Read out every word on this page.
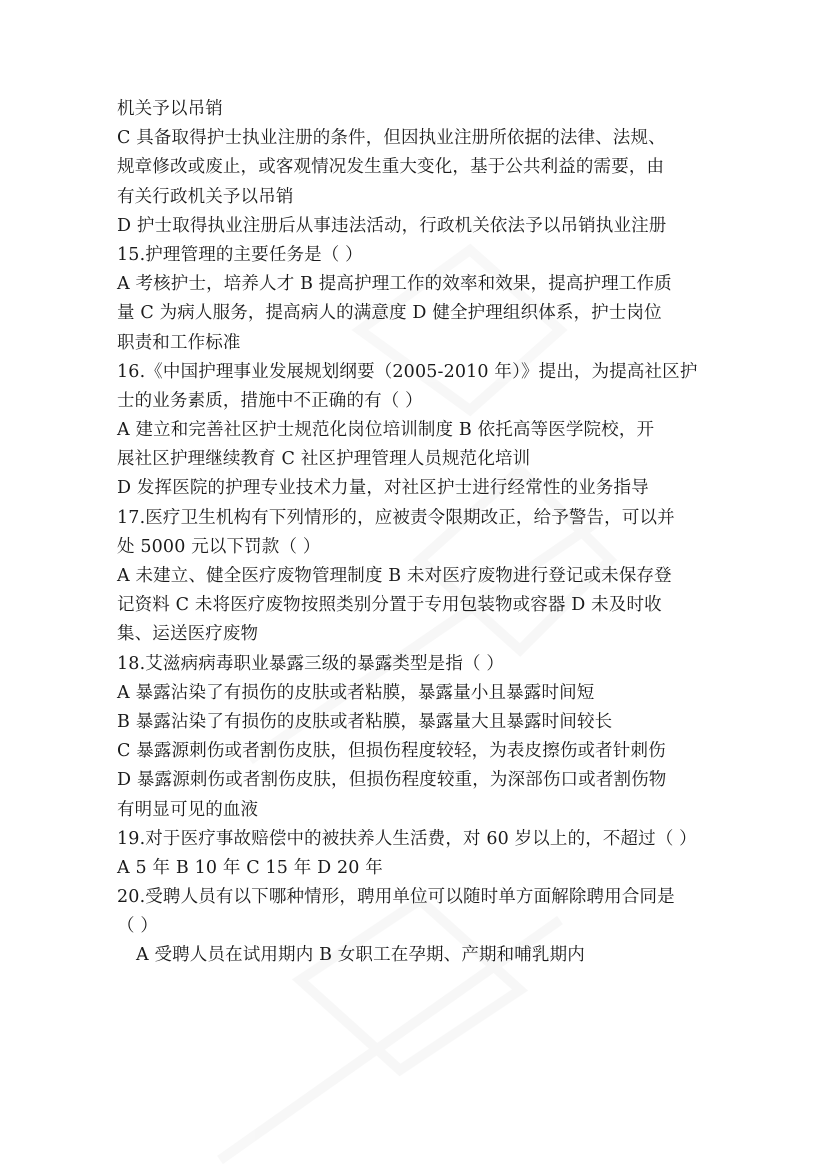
机关予以吊销
C 具备取得护士执业注册的条件，但因执业注册所依据的法律、法规、
规章修改或废止，或客观情况发生重大变化，基于公共利益的需要，由
有关行政机关予以吊销
D 护士取得执业注册后从事违法活动，行政机关依法予以吊销执业注册
15.护理管理的主要任务是（ ）
A 考核护士，培养人才 B 提高护理工作的效率和效果，提高护理工作质
量 C 为病人服务，提高病人的满意度 D 健全护理组织体系，护士岗位
职责和工作标准
16.《中国护理事业发展规划纲要（2005-2010 年）》提出，为提高社区护
士的业务素质，措施中不正确的有（ ）
A 建立和完善社区护士规范化岗位培训制度 B 依托高等医学院校，开
展社区护理继续教育 C 社区护理管理人员规范化培训
D 发挥医院的护理专业技术力量，对社区护士进行经常性的业务指导
17.医疗卫生机构有下列情形的，应被责令限期改正，给予警告，可以并
处 5000 元以下罚款（ ）
A 未建立、健全医疗废物管理制度 B 未对医疗废物进行登记或未保存登
记资料 C 未将医疗废物按照类别分置于专用包装物或容器 D 未及时收
集、运送医疗废物
18.艾滋病病毒职业暴露三级的暴露类型是指（ ）
A 暴露沾染了有损伤的皮肤或者粘膜，暴露量小且暴露时间短
B 暴露沾染了有损伤的皮肤或者粘膜，暴露量大且暴露时间较长
C 暴露源刺伤或者割伤皮肤，但损伤程度较轻，为表皮擦伤或者针刺伤
D 暴露源刺伤或者割伤皮肤，但损伤程度较重，为深部伤口或者割伤物
有明显可见的血液
19.对于医疗事故赔偿中的被扶养人生活费，对 60 岁以上的，不超过（ ）
A 5 年 B 10 年 C 15 年 D 20 年
20.受聘人员有以下哪种情形，聘用单位可以随时单方面解除聘用合同是
（ ）
A 受聘人员在试用期内 B 女职工在孕期、产期和哺乳期内
